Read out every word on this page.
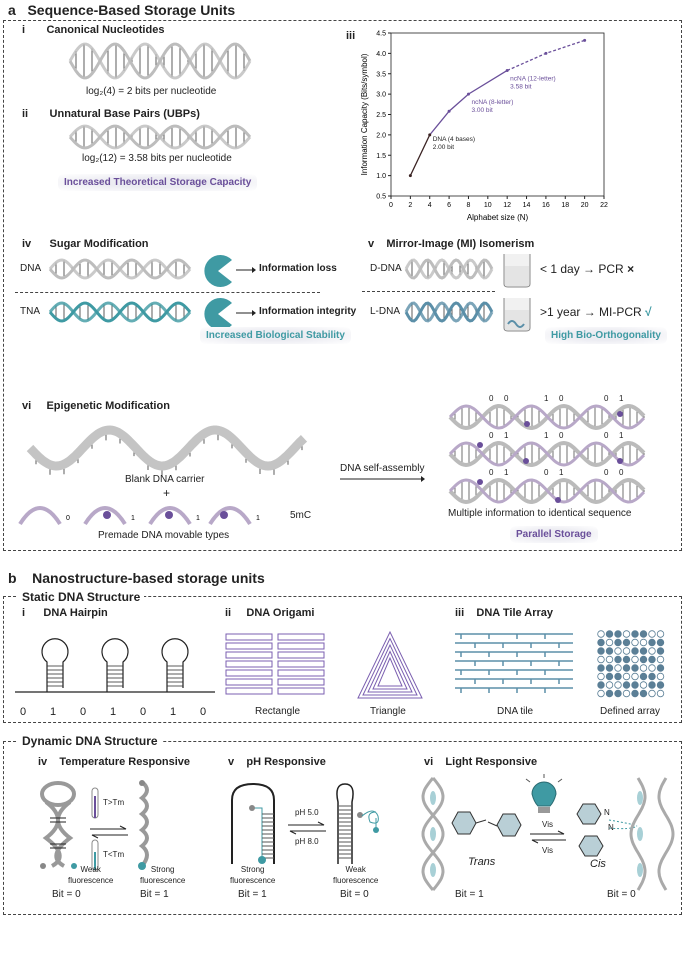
a Sequence-Based Storage Units
i Canonical Nucleotides
log₂(4) = 2 bits per nucleotide
ii Unnatural Base Pairs (UBPs)
log₂(12) = 3.58 bits per nucleotide
Increased Theoretical Storage Capacity
iii
0 2 4 6 8 10 12 14 16 18 20 22
0.5
1.0
1.5
2.0
2.5
3.0
3.5
4.0
4.5
Alphabet size (N)
Information Capacity (Bits/symbol)	DNA (4 bases)
2.00 bit
ncNA (8-letter)
3.00 bit
ncNA (12-letter)
3.58 bit
iv Sugar Modification
DNA	Information loss
TNA	Information integrity
Increased Biological Stability
v Mirror-Image (MI) Isomerism
D-DNA	< 1 day → PCR ×
L-DNA	>1 year → MI-PCR √
High Bio-Orthogonality
vi Epigenetic Modification
Blank DNA carrier
+
0	1	1	1	5mC
Premade DNA movable types
DNA self-assembly
0 0	1 0	0 1
0 1	1 0	0 1
0 1	0 1	0 0
Multiple information to identical sequence
Parallel Storage
b Nanostructure-based storage units
Static DNA Structure
i DNA Hairpin
0 1 0 1 0 1 0
ii DNA Origami
Rectangle	Triangle
iii DNA Tile Array
DNA tile	Defined array
Dynamic DNA Structure
iv Temperature Responsive
T>Tm
T<Tm
Weak
fluorescence
Strong
fluorescence
Bit = 0	Bit = 1
v pH Responsive
pH 5.0
pH 8.0
Strong
fluorescence
Weak
fluorescence
Bit = 1	Bit = 0
vi Light Responsive
Trans
Vis
Vis
N
N
Cis
Bit = 1	Bit = 0
